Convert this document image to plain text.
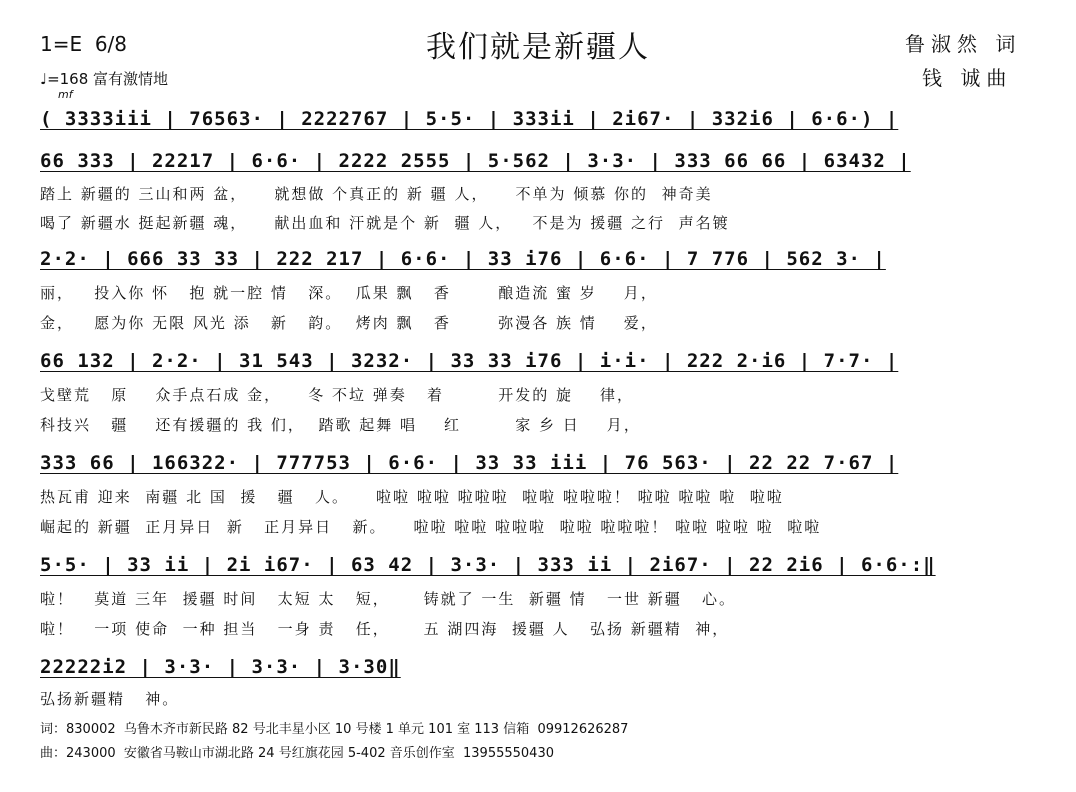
我们就是新疆人
1=E  6/8	鲁淑然 词
钱 诚曲
♩=168 富有激情地
mf
( 3333ііі | 76563· | 2222767 | 5·5· | 333іі | 2і67· | 332і6 | 6·6·) |
66 333 | 22217 | 6·6· | 2222 2555 | 5·562 | 3·3· | 333 66 66 | 63432 |
踏上 新疆的 三山和两 盆，    就想做 个真正的 新 疆 人，    不单为 倾慕 你的  神奇美
喝了 新疆水 挺起新疆 魂，    献出血和 汗就是个 新  疆 人，   不是为 援疆 之行  声名镀
2·2· | 666 33 33 | 222 217 | 6·6· | 33 і76 | 6·6· | 7 776 | 562 3· |
丽，   投入你 怀   抱 就一腔 情   深。  瓜果 飘   香       酿造流 蜜 岁    月，
金，   愿为你 无限 风光 添   新   韵。  烤肉 飘   香       弥漫各 族 情    爱，
66 132 | 2·2· | 31 543 | 3232· | 33 33 і76 | і·і· | 222 2·і6 | 7·7· |
戈壁荒   原    众手点石成 金，    冬 不垃 弹奏   着        开发的 旋    律，
科技兴   疆    还有援疆的 我 们，  踏歌 起舞 唱    红        家 乡 日    月，
333 66 | 166322· | 777753 | 6·6· | 33 33 ііі | 76 563· | 22 22 7·67 |
热瓦甫 迎来  南疆 北 国  援   疆   人。    啦啦 啦啦 啦啦啦  啦啦 啦啦啦！ 啦啦 啦啦 啦  啦啦
崛起的 新疆  正月异日  新   正月异日   新。    啦啦 啦啦 啦啦啦  啦啦 啦啦啦！ 啦啦 啦啦 啦  啦啦
5·5· | 33 іі | 2і і67· | 63 42 | 3·3· | 333 іі | 2і67· | 22 2і6 | 6·6·:‖
啦！   莫道 三年  援疆 时间   太短 太   短，     铸就了 一生  新疆 情   一世 新疆   心。
啦！   一项 使命  一种 担当   一身 责   任，     五 湖四海  援疆 人   弘扬 新疆精  神，
22222і2 | 3·3· | 3·3· | 3·30‖
弘扬新疆精   神。
词：830002  乌鲁木齐市新民路 82 号北丰星小区 10 号楼 1 单元 101 室 113 信箱  09912626287
曲：243000  安徽省马鞍山市湖北路 24 号红旗花园 5-402 音乐创作室  13955550430
